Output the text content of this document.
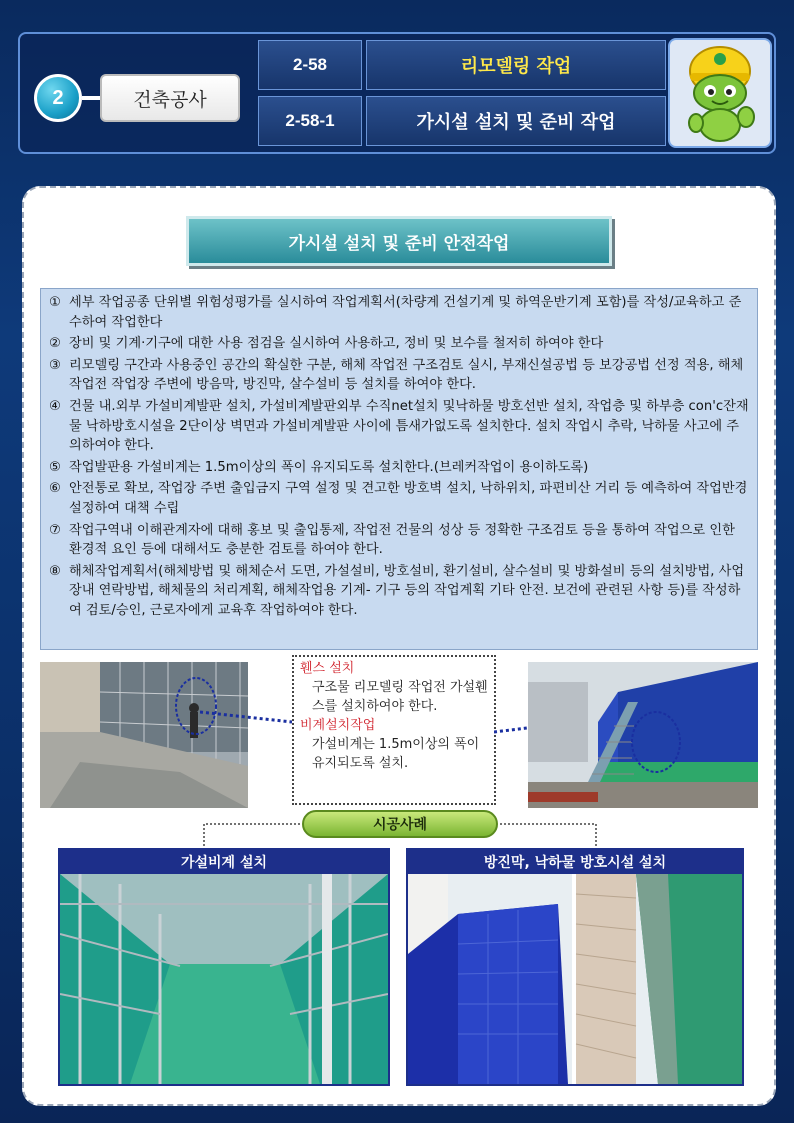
2	건축공사
2-58	리모델링 작업
2-58-1	가시설 설치 및 준비 작업
가시설 설치 및 준비 안전작업
① 세부 작업공종 단위별 위험성평가를 실시하여 작업계획서(차량계 건설기계 및 하역운반기계 포함)를 작성/교육하고 준수하여 작업한다
② 장비 및 기계·기구에 대한 사용 점검을 실시하여 사용하고, 정비 및 보수를 철저히 하여야 한다
③ 리모델링 구간과 사용중인 공간의 확실한 구분, 해체 작업전 구조검토 실시, 부재신설공법 등 보강공법 선정 적용, 해체 작업전 작업장 주변에 방음막, 방진막, 살수설비 등 설치를 하여야 한다.
④ 건물 내.외부 가설비계발판 설치, 가설비계발판외부 수직net설치 및낙하물 방호선반 설치, 작업층 및 하부층 con'c잔재물 낙하방호시설을 2단이상 벽면과 가설비계발판 사이에 틈새가없도록 설치한다. 설치 작업시 추락, 낙하물 사고에 주의하여야 한다.
⑤ 작업발판용 가설비계는 1.5m이상의 폭이 유지되도록 설치한다.(브레커작업이 용이하도록)
⑥ 안전통로 확보, 작업장 주변 출입금지 구역 설정 및 견고한 방호벽 설치, 낙하위치, 파편비산 거리 등 예측하여 작업반경 설정하여 대책 수립
⑦ 작업구역내 이해관계자에 대해 홍보 및 출입통제, 작업전 건물의 성상 등 정확한 구조검토 등을 통하여 작업으로 인한 환경적 요인 등에 대해서도 충분한 검토를 하여야 한다.
⑧ 해체작업계획서(해체방법 및 해체순서 도면, 가설설비, 방호설비, 환기설비, 살수설비 및 방화설비 등의 설치방법, 사업장내 연락방법, 해체물의 처리계획, 해체작업용 기계- 기구 등의 작업계획 기타 안전. 보건에 관련된 사항 등)를 작성하여 검토/승인, 근로자에게 교육후 작업하여야 한다.
휀스 설치
구조물 리모델링 작업전 가설휀스를 설치하여야 한다.
비계설치작업
가설비계는 1.5m이상의 폭이 유지되도록 설치.
시공사례
가설비계 설치	방진막, 낙하물 방호시설 설치
